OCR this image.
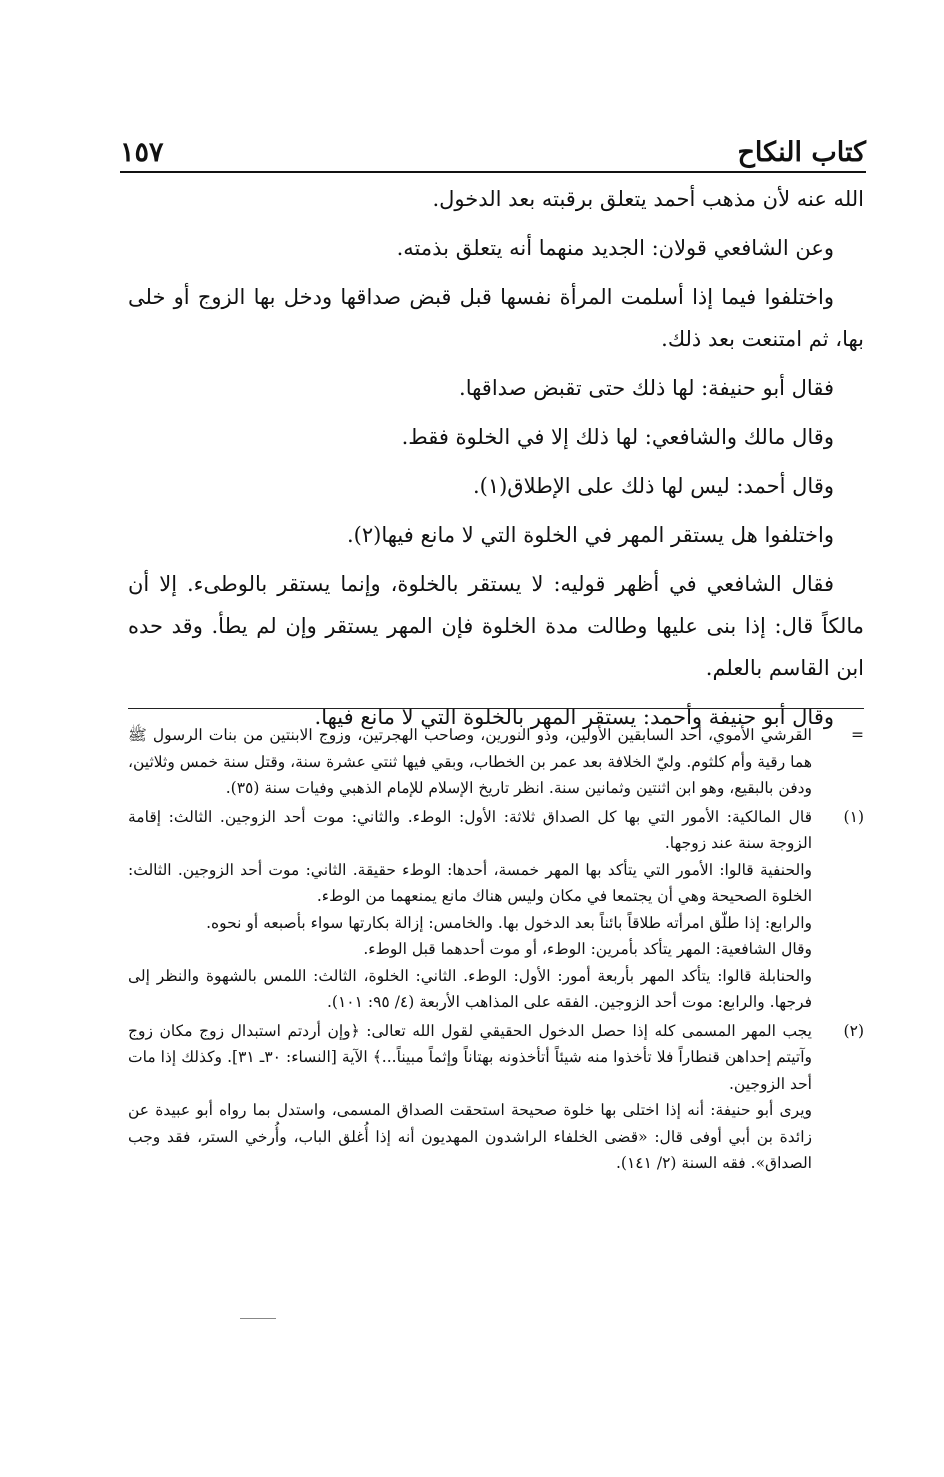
كتاب النكاح
١٥٧

الله عنه لأن مذهب أحمد يتعلق برقبته بعد الدخول.

وعن الشافعي قولان: الجديد منهما أنه يتعلق بذمته.

واختلفوا فيما إذا أسلمت المرأة نفسها قبل قبض صداقها ودخل بها الزوج أو خلى بها، ثم امتنعت بعد ذلك.

فقال أبو حنيفة: لها ذلك حتى تقبض صداقها.

وقال مالك والشافعي: لها ذلك إلا في الخلوة فقط.

وقال أحمد: ليس لها ذلك على الإطلاق(١).

واختلفوا هل يستقر المهر في الخلوة التي لا مانع فيها(٢).

فقال الشافعي في أظهر قوليه: لا يستقر بالخلوة، وإنما يستقر بالوطىء. إلا أن مالكاً قال: إذا بنى عليها وطالت مدة الخلوة فإن المهر يستقر وإن لم يطأ. وقد حده ابن القاسم بالعلم.

وقال أبو حنيفة وأحمد: يستقر المهر بالخلوة التي لا مانع فيها.

=

القرشي الأموي، أحد السابقين الأولين، وذو النورين، وصاحب الهجرتين، وزوج الابنتين من بنات الرسول ﷺ هما رقية وأم كلثوم. وليّ الخلافة بعد عمر بن الخطاب، وبقي فيها ثنتي عشرة سنة، وقتل سنة خمس وثلاثين، ودفن بالبقيع، وهو ابن اثنتين وثمانين سنة. انظر تاريخ الإسلام للإمام الذهبي وفيات سنة (٣٥).

(١)

قال المالكية: الأمور التي بها كل الصداق ثلاثة: الأول: الوطء. والثاني: موت أحد الزوجين. الثالث: إقامة الزوجة سنة عند زوجها.

والحنفية قالوا: الأمور التي يتأكد بها المهر خمسة، أحدها: الوطء حقيقة. الثاني: موت أحد الزوجين. الثالث: الخلوة الصحيحة وهي أن يجتمعا في مكان وليس هناك مانع يمنعهما من الوطء.

والرابع: إذا طلّق امرأته طلاقاً بائناً بعد الدخول بها. والخامس: إزالة بكارتها سواء بأصبعه أو نحوه.

وقال الشافعية: المهر يتأكد بأمرين: الوطء، أو موت أحدهما قبل الوطء.

والحنابلة قالوا: يتأكد المهر بأربعة أمور: الأول: الوطء. الثاني: الخلوة، الثالث: اللمس بالشهوة والنظر إلى فرجها. والرابع: موت أحد الزوجين. الفقه على المذاهب الأربعة (٤/ ٩٥: ١٠١).

(٢)

يجب المهر المسمى كله إذا حصل الدخول الحقيقي لقول الله تعالى: ﴿وإن أردتم استبدال زوج مكان زوج وآتيتم إحداهن قنطاراً فلا تأخذوا منه شيئاً أتأخذونه بهتاناً وإثماً مبيناً...﴾ الآية [النساء: ٣٠ـ ٣١]. وكذلك إذا مات أحد الزوجين.

ويرى أبو حنيفة: أنه إذا اختلى بها خلوة صحيحة استحقت الصداق المسمى، واستدل بما رواه أبو عبيدة عن زائدة بن أبي أوفى قال: «قضى الخلفاء الراشدون المهديون أنه إذا أُغلق الباب، وأُرخي الستر، فقد وجب الصداق». فقه السنة (٢/ ١٤١).
